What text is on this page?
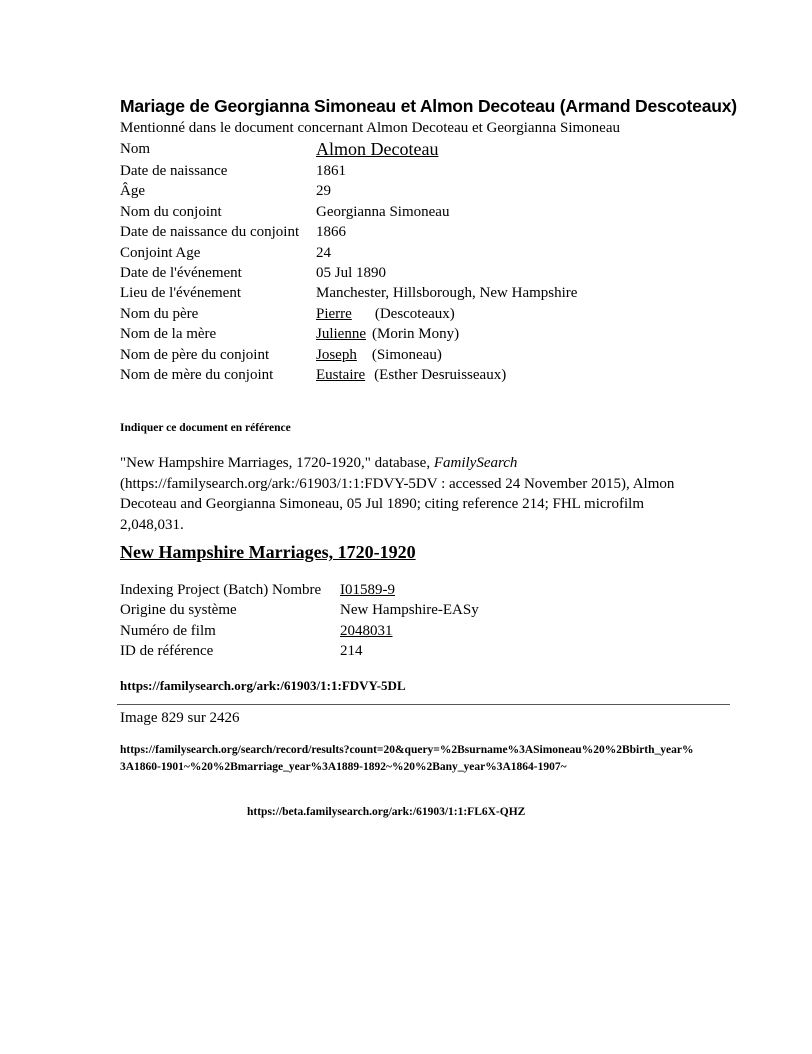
Mariage de Georgianna Simoneau et Almon Decoteau (Armand Descoteaux)
Mentionné dans le document concernant Almon Decoteau et Georgianna Simoneau
Nom	Almon Decoteau
Date de naissance	1861
Âge	29
Nom du conjoint	Georgianna Simoneau
Date de naissance du conjoint	1866
Conjoint Age	24
Date de l'événement	05 Jul 1890
Lieu de l'événement	Manchester, Hillsborough, New Hampshire
Nom du père	Pierre (Descoteaux)
Nom de la mère	Julienne (Morin Mony)
Nom de père du conjoint	Joseph (Simoneau)
Nom de mère du conjoint	Eustaire (Esther Desruisseaux)
Indiquer ce document en référence
"New Hampshire Marriages, 1720-1920," database, FamilySearch (https://familysearch.org/ark:/61903/1:1:FDVY-5DV : accessed 24 November 2015), Almon Decoteau and Georgianna Simoneau, 05 Jul 1890; citing reference 214; FHL microfilm 2,048,031.
New Hampshire Marriages, 1720-1920
Indexing Project (Batch) Nombre	I01589-9
Origine du système	New Hampshire-EASy
Numéro de film	2048031
ID de référence	214
https://familysearch.org/ark:/61903/1:1:FDVY-5DL
Image 829 sur 2426
https://familysearch.org/search/record/results?count=20&query=%2Bsurname%3ASimoneau%20%2Bbirth_year%3A1860-1901~%20%2Bmarriage_year%3A1889-1892~%20%2Bany_year%3A1864-1907~
https://beta.familysearch.org/ark:/61903/1:1:FL6X-QHZ
